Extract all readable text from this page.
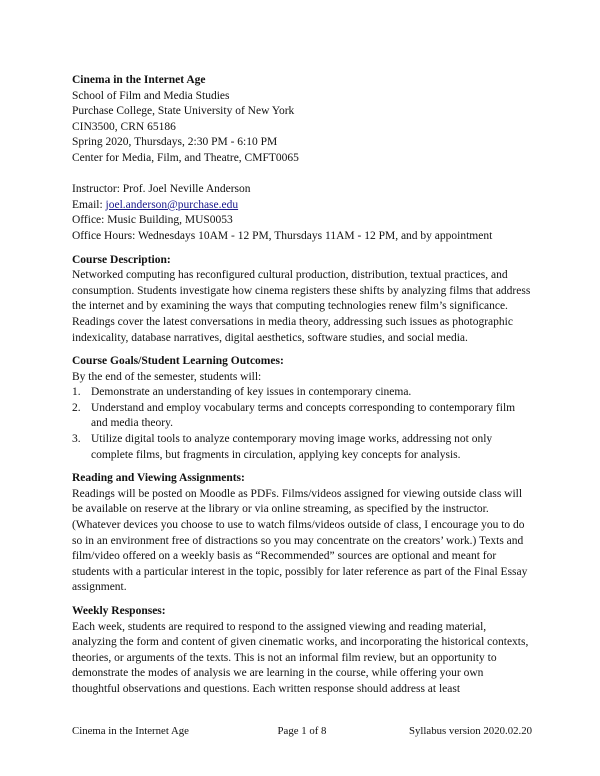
Cinema in the Internet Age
School of Film and Media Studies
Purchase College, State University of New York
CIN3500, CRN 65186
Spring 2020, Thursdays, 2:30 PM - 6:10 PM
Center for Media, Film, and Theatre, CMFT0065
Instructor: Prof. Joel Neville Anderson
Email: joel.anderson@purchase.edu
Office: Music Building, MUS0053
Office Hours: Wednesdays 10AM - 12 PM, Thursdays 11AM - 12 PM, and by appointment
Course Description:

Networked computing has reconfigured cultural production, distribution, textual practices, and consumption. Students investigate how cinema registers these shifts by analyzing films that address the internet and by examining the ways that computing technologies renew film’s significance. Readings cover the latest conversations in media theory, addressing such issues as photographic indexicality, database narratives, digital aesthetics, software studies, and social media.

Course Goals/Student Learning Outcomes:
By the end of the semester, students will:
1. Demonstrate an understanding of key issues in contemporary cinema.
2. Understand and employ vocabulary terms and concepts corresponding to contemporary film and media theory.
3. Utilize digital tools to analyze contemporary moving image works, addressing not only complete films, but fragments in circulation, applying key concepts for analysis.
Reading and Viewing Assignments:

Readings will be posted on Moodle as PDFs. Films/videos assigned for viewing outside class will be available on reserve at the library or via online streaming, as specified by the instructor. (Whatever devices you choose to use to watch films/videos outside of class, I encourage you to do so in an environment free of distractions so you may concentrate on the creators’ work.) Texts and film/video offered on a weekly basis as “Recommended” sources are optional and meant for students with a particular interest in the topic, possibly for later reference as part of the Final Essay assignment.

Weekly Responses:

Each week, students are required to respond to the assigned viewing and reading material, analyzing the form and content of given cinematic works, and incorporating the historical contexts, theories, or arguments of the texts. This is not an informal film review, but an opportunity to demonstrate the modes of analysis we are learning in the course, while offering your own thoughtful observations and questions. Each written response should address at least

Cinema in the Internet Age	Page 1 of 8	Syllabus version 2020.02.20
